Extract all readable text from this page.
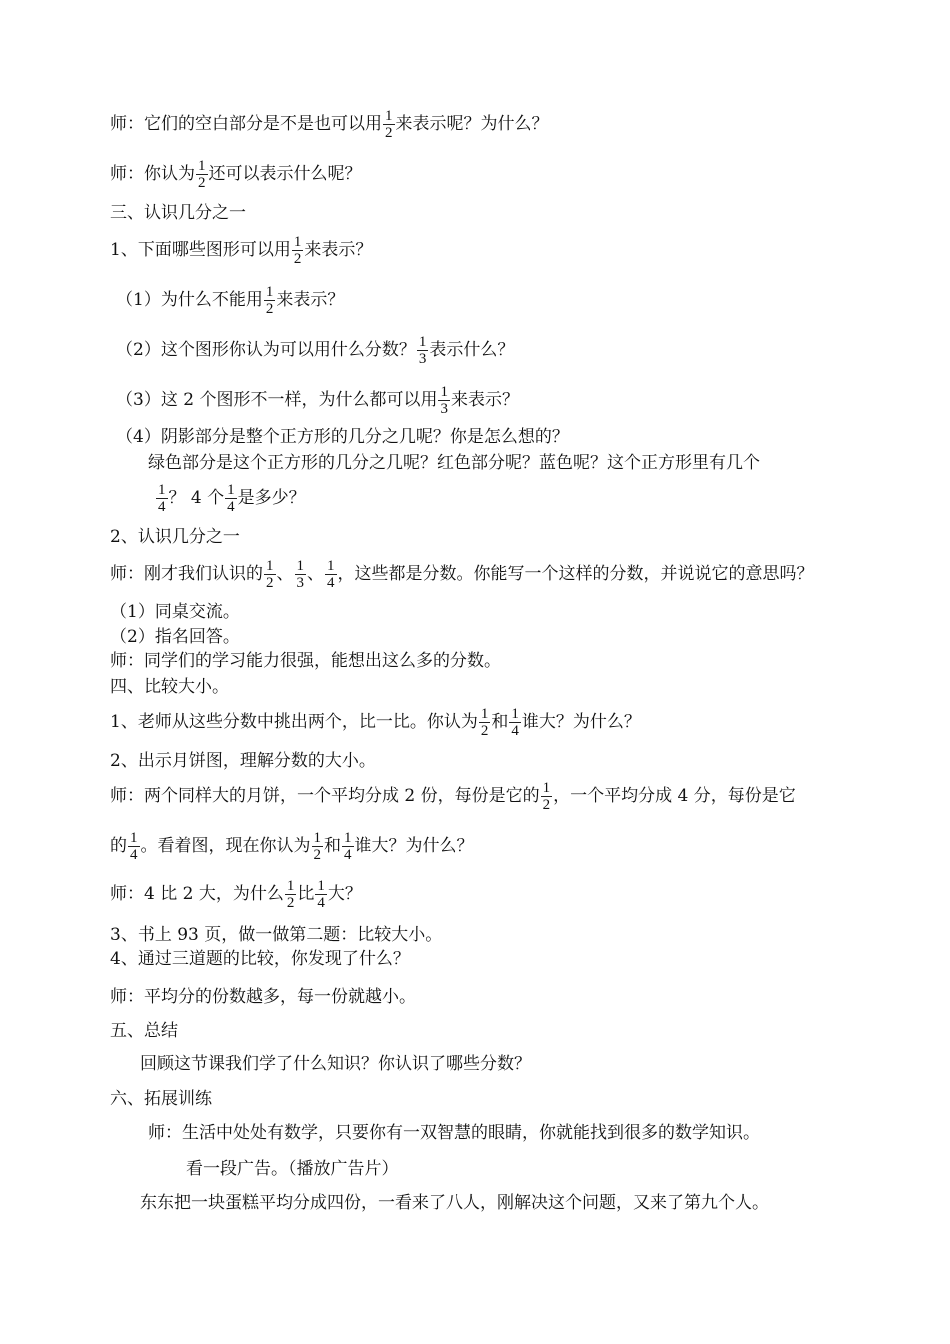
师：它们的空白部分是不是也可以用 $\frac{1}{2}$ 来表示呢？为什么？
师：你认为 $\frac{1}{2}$ 还可以表示什么呢？
三、认识几分之一
1、下面哪些图形可以用 $\frac{1}{2}$ 来表示？
（1）为什么不能用 $\frac{1}{2}$ 来表示？
（2）这个图形你认为可以用什么分数？ $\frac{1}{3}$ 表示什么？
（3）这 2 个图形不一样，为什么都可以用 $\frac{1}{3}$ 来表示？
（4）阴影部分是整个正方形的几分之几呢？你是怎么想的？
绿色部分是这个正方形的几分之几呢？红色部分呢？蓝色呢？这个正方形里有几个
$\frac{1}{4}$ ？ 4 个 $\frac{1}{4}$ 是多少？
2、认识几分之一
师：刚才我们认识的 $\frac{1}{2}$ 、 $\frac{1}{3}$ 、 $\frac{1}{4}$ ，这些都是分数。你能写一个这样的分数，并说说它的意思吗？
（1）同桌交流。
（2）指名回答。
师：同学们的学习能力很强，能想出这么多的分数。
四、比较大小。
1、老师从这些分数中挑出两个，比一比。你认为 $\frac{1}{2}$ 和 $\frac{1}{4}$ 谁大？为什么？
2、出示月饼图，理解分数的大小。
师：两个同样大的月饼，一个平均分成 2 份，每份是它的 $\frac{1}{2}$ ，一个平均分成 4 分，每份是它
的 $\frac{1}{4}$ 。看着图，现在你认为 $\frac{1}{2}$ 和 $\frac{1}{4}$ 谁大？为什么？
师：4 比 2 大，为什么 $\frac{1}{2}$ 比 $\frac{1}{4}$ 大？
3、书上 93 页，做一做第二题：比较大小。
4、通过三道题的比较，你发现了什么？
师：平均分的份数越多，每一份就越小。
五、总结
回顾这节课我们学了什么知识？你认识了哪些分数？
六、拓展训练
师：生活中处处有数学，只要你有一双智慧的眼睛，你就能找到很多的数学知识。
看一段广告。（播放广告片）
东东把一块蛋糕平均分成四份，一看来了八人，刚解决这个问题，又来了第九个人。
